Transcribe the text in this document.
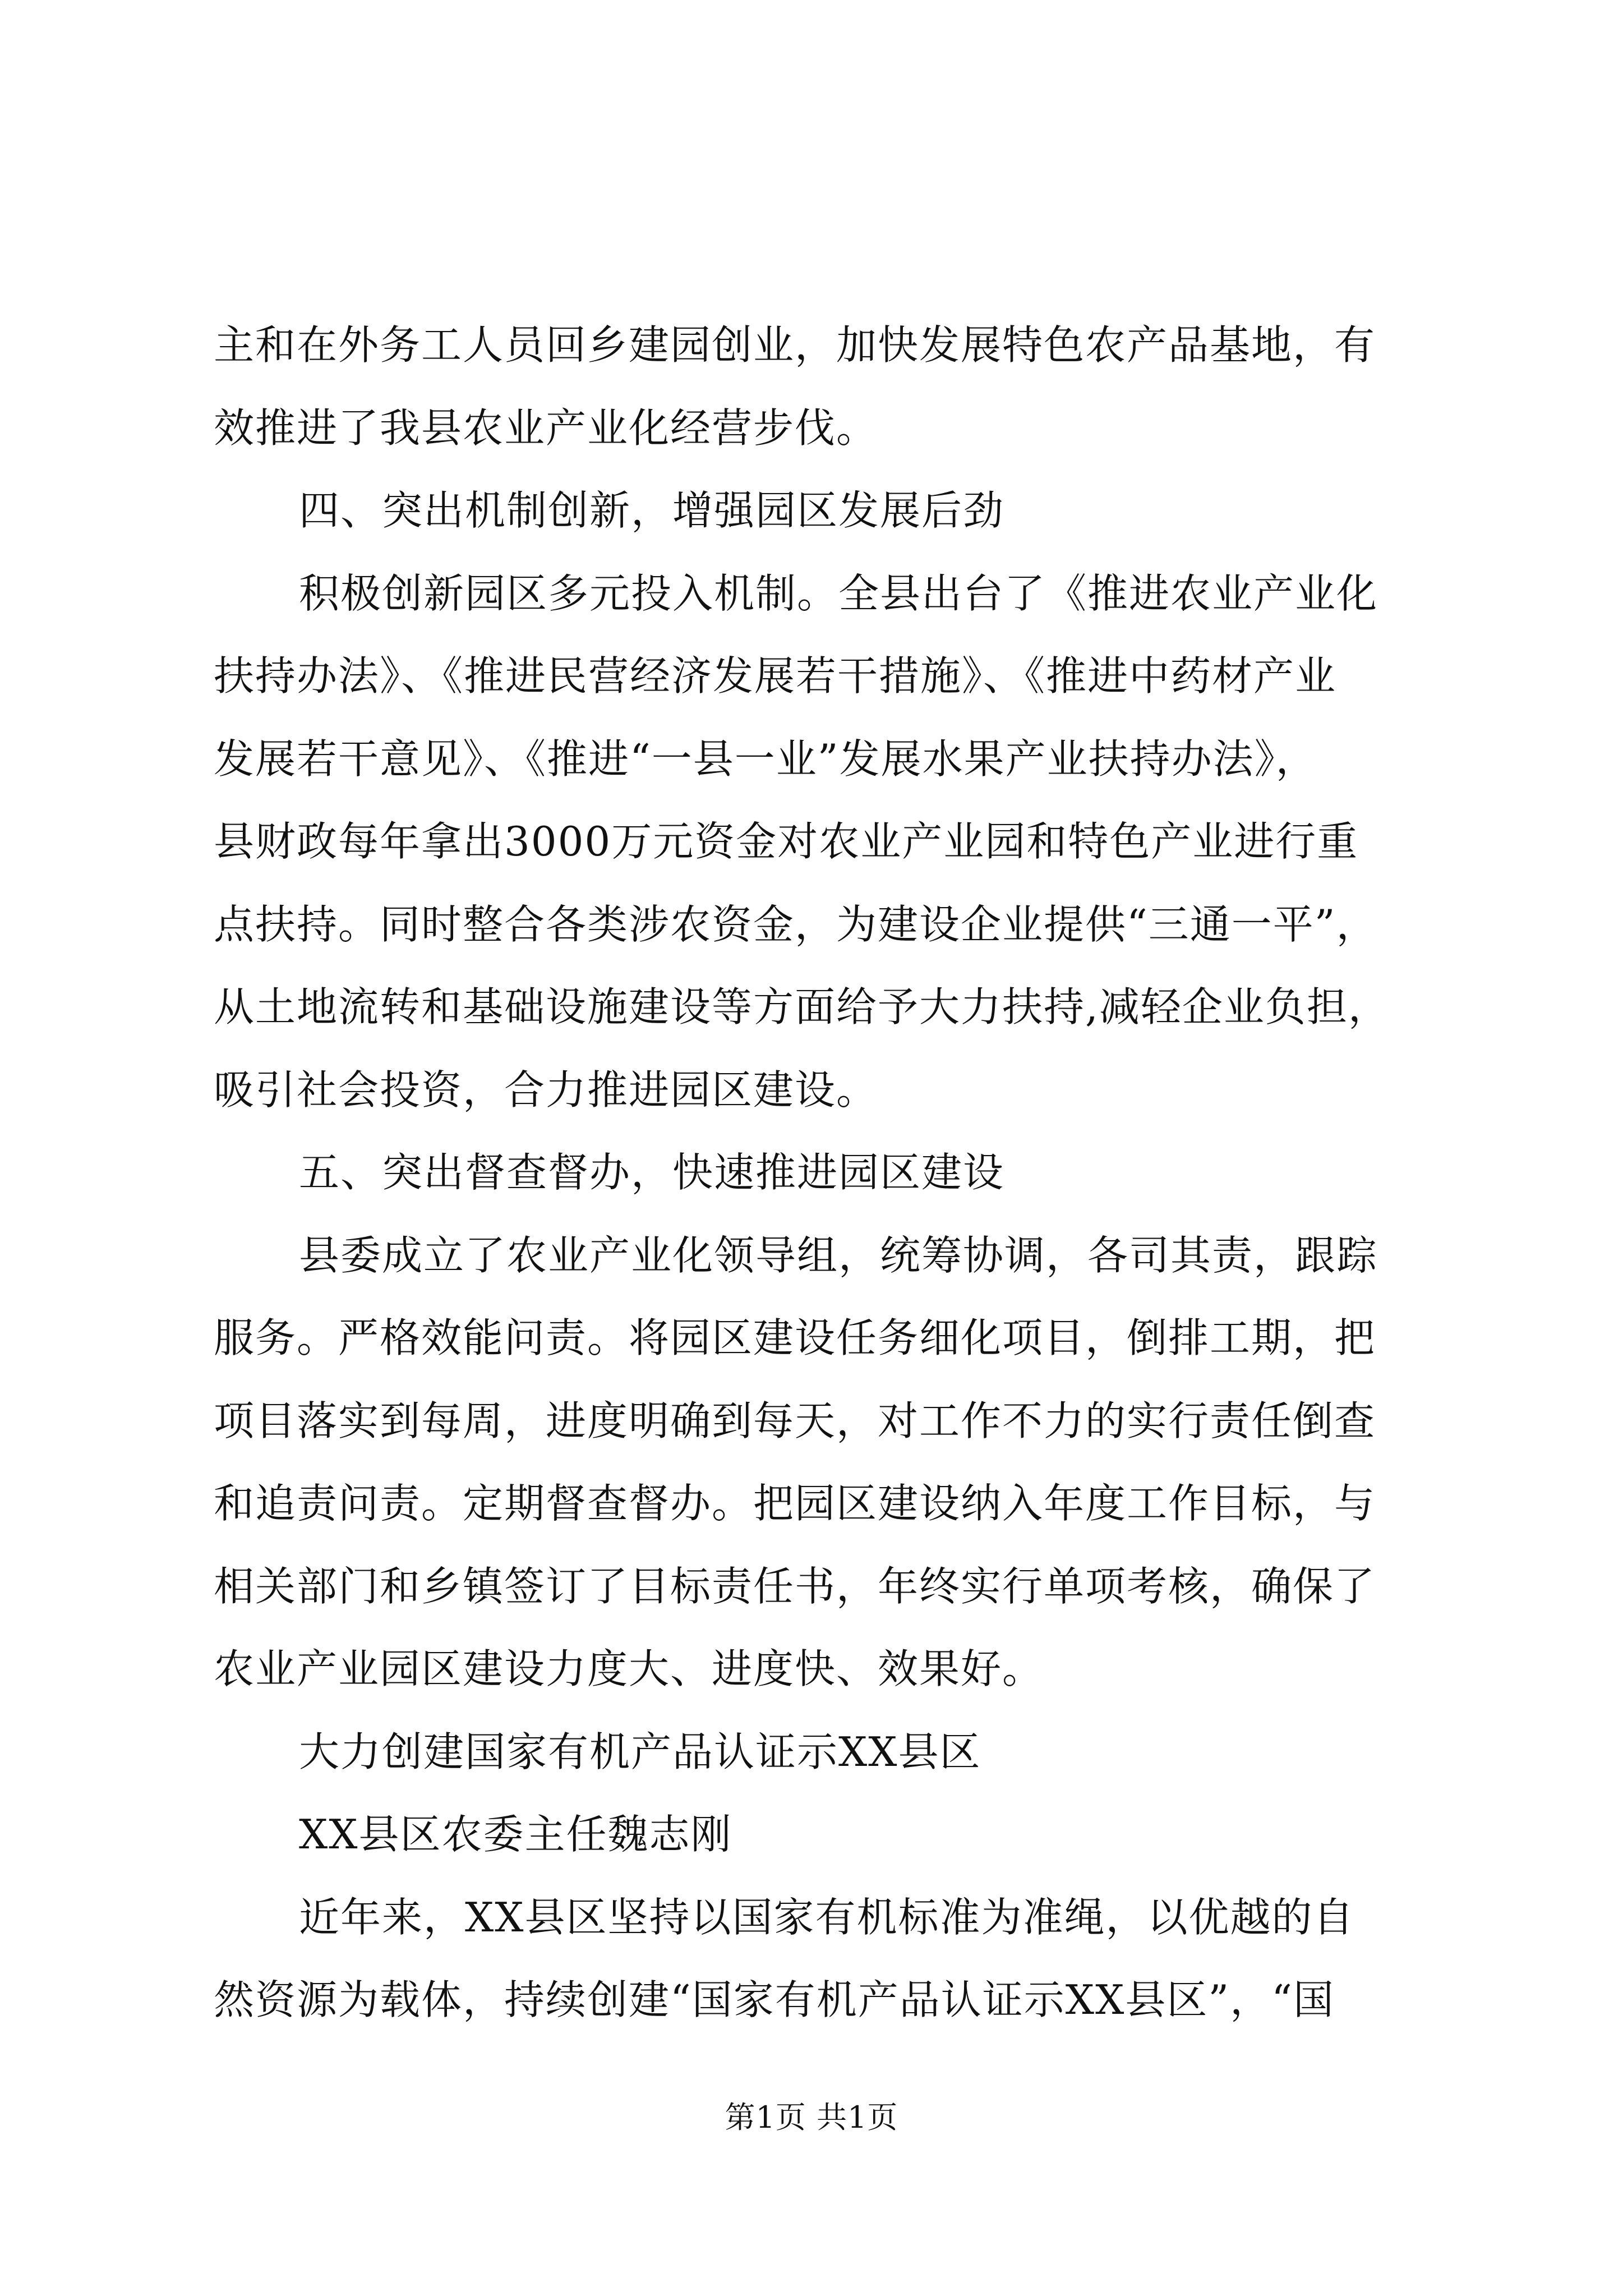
主和在外务工人员回乡建园创业，加快发展特色农产品基地，有
效推进了我县农业产业化经营步伐。
四、突出机制创新，增强园区发展后劲
积极创新园区多元投入机制。全县出台了《推进农业产业化
扶持办法》、《推进民营经济发展若干措施》、《推进中药材产业
发展若干意见》、《推进“一县一业”发展水果产业扶持办法》，
县财政每年拿出3000万元资金对农业产业园和特色产业进行重
点扶持。同时整合各类涉农资金，为建设企业提供“三通一平”，
从土地流转和基础设施建设等方面给予大力扶持,减轻企业负担，
吸引社会投资，合力推进园区建设。
五、突出督查督办，快速推进园区建设
县委成立了农业产业化领导组，统筹协调，各司其责，跟踪
服务。严格效能问责。将园区建设任务细化项目，倒排工期，把
项目落实到每周，进度明确到每天，对工作不力的实行责任倒查
和追责问责。定期督查督办。把园区建设纳入年度工作目标，与
相关部门和乡镇签订了目标责任书，年终实行单项考核，确保了
农业产业园区建设力度大、进度快、效果好。
大力创建国家有机产品认证示XX县区
XX县区农委主任魏志刚
近年来，XX县区坚持以国家有机标准为准绳，以优越的自
然资源为载体，持续创建“国家有机产品认证示XX县区”，“国
第1页 共1页
